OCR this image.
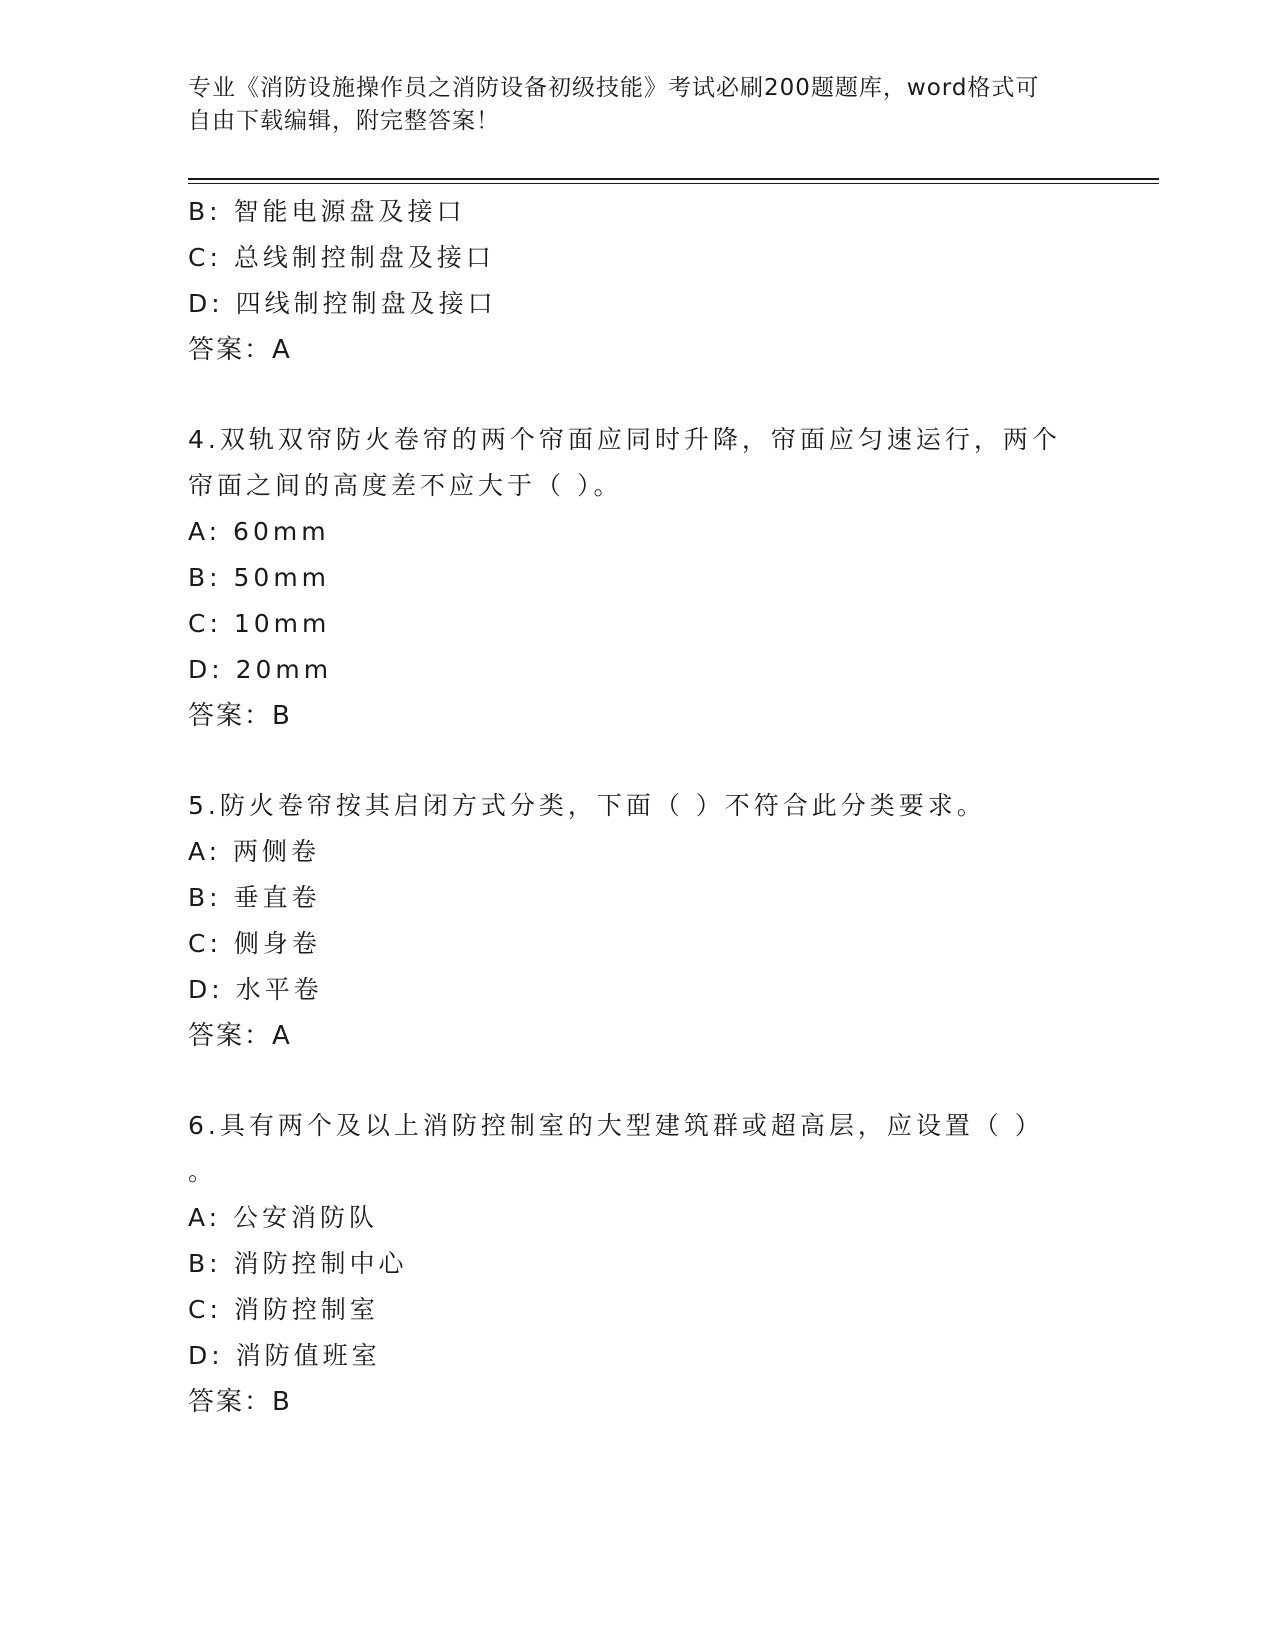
专业《消防设施操作员之消防设备初级技能》考试必刷200题题库，word格式可
自由下载编辑，附完整答案！
B: 智能电源盘及接口
C: 总线制控制盘及接口
D: 四线制控制盘及接口
答案：A
4.双轨双帘防火卷帘的两个帘面应同时升降，帘面应匀速运行，两个
帘面之间的高度差不应大于（ ）。
A: 60mm
B: 50mm
C: 10mm
D: 20mm
答案：B
5.防火卷帘按其启闭方式分类，下面（ ）不符合此分类要求。
A: 两侧卷
B: 垂直卷
C: 侧身卷
D: 水平卷
答案：A
6.具有两个及以上消防控制室的大型建筑群或超高层，应设置（ ）
。
A: 公安消防队
B: 消防控制中心
C: 消防控制室
D: 消防值班室
答案：B
